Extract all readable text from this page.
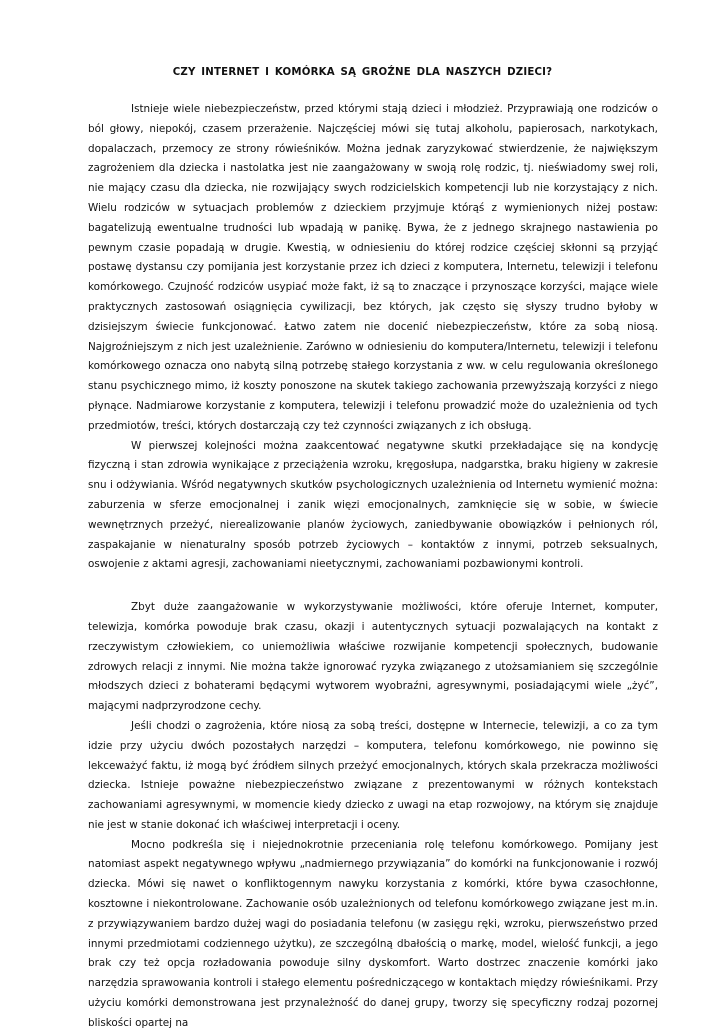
CZY INTERNET I KOMÓRKA SĄ GROŹNE DLA NASZYCH DZIECI?

Istnieje wiele niebezpieczeństw, przed którymi stają dzieci i młodzież. Przyprawiają one rodziców o ból głowy, niepokój, czasem przerażenie. Najczęściej mówi się tutaj alkoholu, papierosach, narkotykach, dopalaczach, przemocy ze strony rówieśników. Można jednak zaryzykować stwierdzenie, że największym zagrożeniem dla dziecka i nastolatka jest nie zaangażowany w swoją rolę rodzic, tj. nieświadomy swej roli, nie mający czasu dla dziecka, nie rozwijający swych rodzicielskich kompetencji lub nie korzystający z nich. Wielu rodziców w sytuacjach problemów z dzieckiem przyjmuje którąś z wymienionych niżej postaw: bagatelizują ewentualne trudności lub wpadają w panikę. Bywa, że z jednego skrajnego nastawienia po pewnym czasie popadają w drugie. Kwestią, w odniesieniu do której rodzice częściej skłonni są przyjąć postawę dystansu czy pomijania jest korzystanie przez ich dzieci z komputera, Internetu, telewizji i telefonu komórkowego. Czujność rodziców usypiać może fakt, iż są to znaczące i przynoszące korzyści, mające wiele praktycznych zastosowań osiągnięcia cywilizacji, bez których, jak często się słyszy trudno byłoby w dzisiejszym świecie funkcjonować. Łatwo zatem nie docenić niebezpieczeństw, które za sobą niosą. Najgroźniejszym z nich jest uzależnienie. Zarówno w odniesieniu do komputera/Internetu, telewizji i telefonu komórkowego oznacza ono nabytą silną potrzebę stałego korzystania z ww. w celu regulowania określonego stanu psychicznego mimo, iż koszty ponoszone na skutek takiego zachowania przewyższają korzyści z niego płynące. Nadmiarowe korzystanie z komputera, telewizji i telefonu prowadzić może do uzależnienia od tych przedmiotów, treści, których dostarczają czy też czynności związanych z ich obsługą.

W pierwszej kolejności można zaakcentować negatywne skutki przekładające się na kondycję fizyczną i stan zdrowia wynikające z przeciążenia wzroku, kręgosłupa, nadgarstka, braku higieny w zakresie snu i odżywiania. Wśród negatywnych skutków psychologicznych uzależnienia od Internetu wymienić można: zaburzenia w sferze emocjonalnej i zanik więzi emocjonalnych, zamknięcie się w sobie, w świecie wewnętrznych przeżyć, nierealizowanie planów życiowych, zaniedbywanie obowiązków i pełnionych ról, zaspakajanie w nienaturalny sposób potrzeb życiowych – kontaktów z innymi, potrzeb seksualnych, oswojenie z aktami agresji, zachowaniami nieetycznymi, zachowaniami pozbawionymi kontroli.

Zbyt duże zaangażowanie w wykorzystywanie możliwości, które oferuje Internet, komputer, telewizja, komórka powoduje brak czasu, okazji i autentycznych sytuacji pozwalających na kontakt z rzeczywistym człowiekiem, co uniemożliwia właściwe rozwijanie kompetencji społecznych, budowanie zdrowych relacji z innymi. Nie można także ignorować ryzyka związanego z utożsamianiem się szczególnie młodszych dzieci z bohaterami będącymi wytworem wyobraźni, agresywnymi, posiadającymi wiele „żyć”, mającymi nadprzyrodzone cechy.

Jeśli chodzi o zagrożenia, które niosą za sobą treści, dostępne w Internecie, telewizji, a co za tym idzie przy użyciu dwóch pozostałych narzędzi – komputera, telefonu komórkowego, nie powinno się lekceważyć faktu, iż mogą być źródłem silnych przeżyć emocjonalnych, których skala przekracza możliwości dziecka. Istnieje poważne niebezpieczeństwo związane z prezentowanymi w różnych kontekstach zachowaniami agresywnymi, w momencie kiedy dziecko z uwagi na etap rozwojowy, na którym się znajduje nie jest w stanie dokonać ich właściwej interpretacji i oceny.

Mocno podkreśla się i niejednokrotnie przeceniania rolę telefonu komórkowego. Pomijany jest natomiast aspekt negatywnego wpływu „nadmiernego przywiązania” do komórki na funkcjonowanie i rozwój dziecka. Mówi się nawet o konfliktogennym nawyku korzystania z komórki, które bywa czasochłonne, kosztowne i niekontrolowane. Zachowanie osób uzależnionych od telefonu komórkowego związane jest m.in. z przywiązywaniem bardzo dużej wagi do posiadania telefonu (w zasięgu ręki, wzroku, pierwszeństwo przed innymi przedmiotami codziennego użytku), ze szczególną dbałością o markę, model, wielość funkcji, a jego brak czy też opcja rozładowania powoduje silny dyskomfort. Warto dostrzec znaczenie komórki jako narzędzia sprawowania kontroli i stałego elementu pośredniczącego w kontaktach między rówieśnikami. Przy użyciu komórki demonstrowana jest przynależność do danej grupy, tworzy się specyficzny rodzaj pozornej bliskości opartej na
